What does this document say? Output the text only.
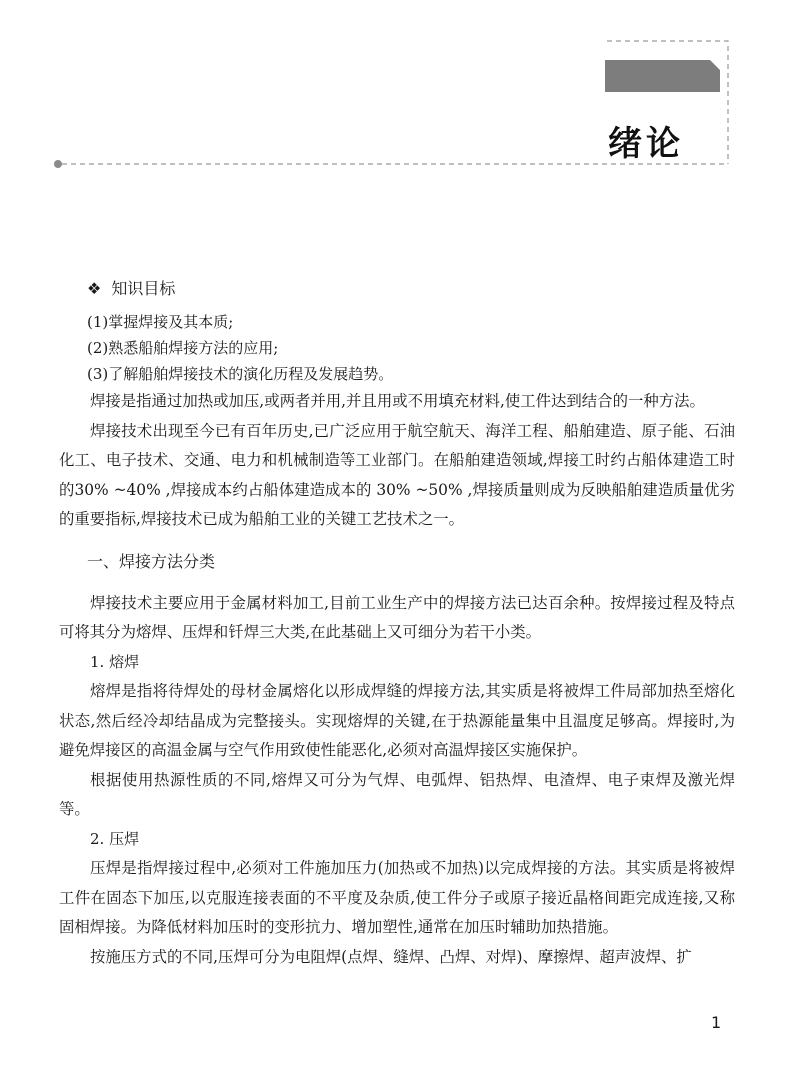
绪论
❖ 知识目标
(1)掌握焊接及其本质;
(2)熟悉船舶焊接方法的应用;
(3)了解船舶焊接技术的演化历程及发展趋势。

焊接是指通过加热或加压,或两者并用,并且用或不用填充材料,使工件达到结合的一种方法。

焊接技术出现至今已有百年历史,已广泛应用于航空航天、海洋工程、船舶建造、原子能、石油化工、电子技术、交通、电力和机械制造等工业部门。在船舶建造领域,焊接工时约占船体建造工时的30% ~40% ,焊接成本约占船体建造成本的 30% ~50% ,焊接质量则成为反映船舶建造质量优劣的重要指标,焊接技术已成为船舶工业的关键工艺技术之一。

一、焊接方法分类

焊接技术主要应用于金属材料加工,目前工业生产中的焊接方法已达百余种。按焊接过程及特点可将其分为熔焊、压焊和钎焊三大类,在此基础上又可细分为若干小类。

1. 熔焊

熔焊是指将待焊处的母材金属熔化以形成焊缝的焊接方法,其实质是将被焊工件局部加热至熔化状态,然后经冷却结晶成为完整接头。实现熔焊的关键,在于热源能量集中且温度足够高。焊接时,为避免焊接区的高温金属与空气作用致使性能恶化,必须对高温焊接区实施保护。

根据使用热源性质的不同,熔焊又可分为气焊、电弧焊、铝热焊、电渣焊、电子束焊及激光焊等。

2. 压焊

压焊是指焊接过程中,必须对工件施加压力(加热或不加热)以完成焊接的方法。其实质是将被焊工件在固态下加压,以克服连接表面的不平度及杂质,使工件分子或原子接近晶格间距完成连接,又称固相焊接。为降低材料加压时的变形抗力、增加塑性,通常在加压时辅助加热措施。

按施压方式的不同,压焊可分为电阻焊(点焊、缝焊、凸焊、对焊)、摩擦焊、超声波焊、扩

1
